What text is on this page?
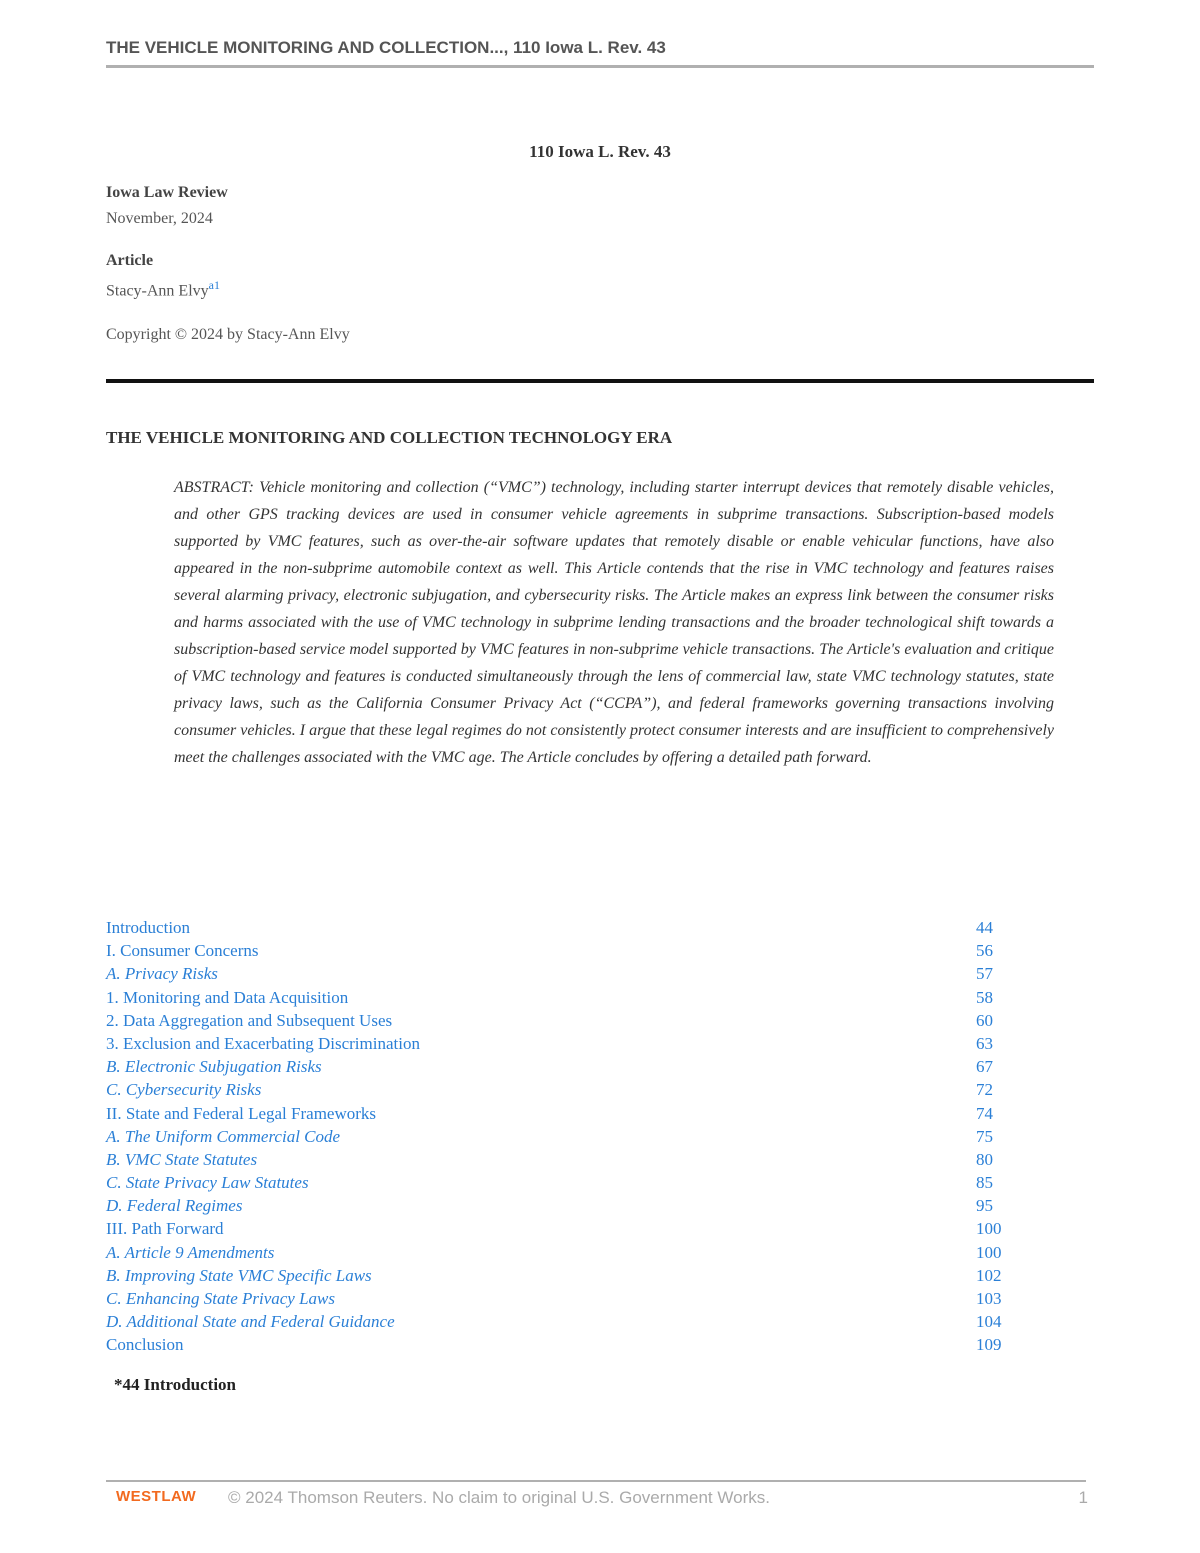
THE VEHICLE MONITORING AND COLLECTION..., 110 Iowa L. Rev. 43
110 Iowa L. Rev. 43
Iowa Law Review
November, 2024
Article
Stacy-Ann Elvy$^{a1}$
Copyright © 2024 by Stacy-Ann Elvy
THE VEHICLE MONITORING AND COLLECTION TECHNOLOGY ERA

ABSTRACT: Vehicle monitoring and collection (“VMC”) technology, including starter interrupt devices that remotely disable vehicles, and other GPS tracking devices are used in consumer vehicle agreements in subprime transactions. Subscription-based models supported by VMC features, such as over-the-air software updates that remotely disable or enable vehicular functions, have also appeared in the non-subprime automobile context as well. This Article contends that the rise in VMC technology and features raises several alarming privacy, electronic subjugation, and cybersecurity risks. The Article makes an express link between the consumer risks and harms associated with the use of VMC technology in subprime lending transactions and the broader technological shift towards a subscription-based service model supported by VMC features in non-subprime vehicle transactions. The Article's evaluation and critique of VMC technology and features is conducted simultaneously through the lens of commercial law, state VMC technology statutes, state privacy laws, such as the California Consumer Privacy Act (“CCPA”), and federal frameworks governing transactions involving consumer vehicles. I argue that these legal regimes do not consistently protect consumer interests and are insufficient to comprehensively meet the challenges associated with the VMC age. The Article concludes by offering a detailed path forward.

Introduction	44
I. Consumer Concerns	56
A. Privacy Risks	57
1. Monitoring and Data Acquisition	58
2. Data Aggregation and Subsequent Uses	60
3. Exclusion and Exacerbating Discrimination	63
B. Electronic Subjugation Risks	67
C. Cybersecurity Risks	72
II. State and Federal Legal Frameworks	74
A. The Uniform Commercial Code	75
B. VMC State Statutes	80
C. State Privacy Law Statutes	85
D. Federal Regimes	95
III. Path Forward	100
A. Article 9 Amendments	100
B. Improving State VMC Specific Laws	102
C. Enhancing State Privacy Laws	103
D. Additional State and Federal Guidance	104
Conclusion	109
*44 Introduction
WESTLAW © 2024 Thomson Reuters. No claim to original U.S. Government Works.	1
